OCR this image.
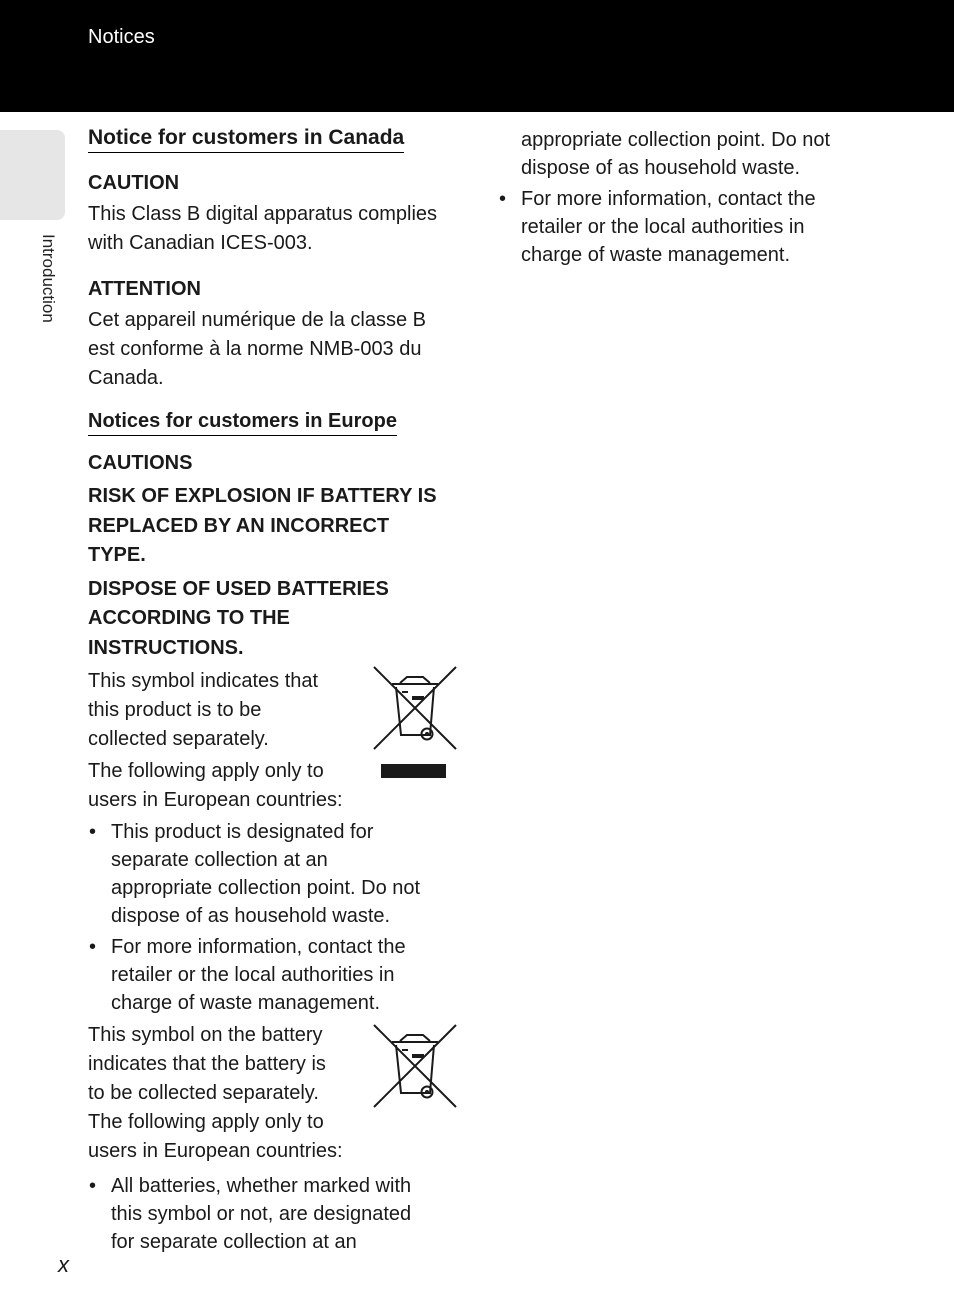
Notices
Introduction
Notice for customers in Canada
CAUTION

This Class B digital apparatus complies
with Canadian ICES-003.

ATTENTION

Cet appareil numérique de la classe B
est conforme à la norme NMB-003 du
Canada.

Notices for customers in Europe
CAUTIONS

RISK OF EXPLOSION IF BATTERY IS
REPLACED BY AN INCORRECT
TYPE.

DISPOSE OF USED BATTERIES
ACCORDING TO THE
INSTRUCTIONS.

This symbol indicates that
this product is to be
collected separately.

The following apply only to
users in European countries:

• This product is designated for
separate collection at an
appropriate collection point. Do not
dispose of as household waste.
• For more information, contact the
retailer or the local authorities in
charge of waste management.

This symbol on the battery
indicates that the battery is
to be collected separately.
The following apply only to
users in European countries:

• All batteries, whether marked with
this symbol or not, are designated
for separate collection at an

appropriate collection point. Do not
dispose of as household waste.

• For more information, contact the
retailer or the local authorities in
charge of waste management.
x
